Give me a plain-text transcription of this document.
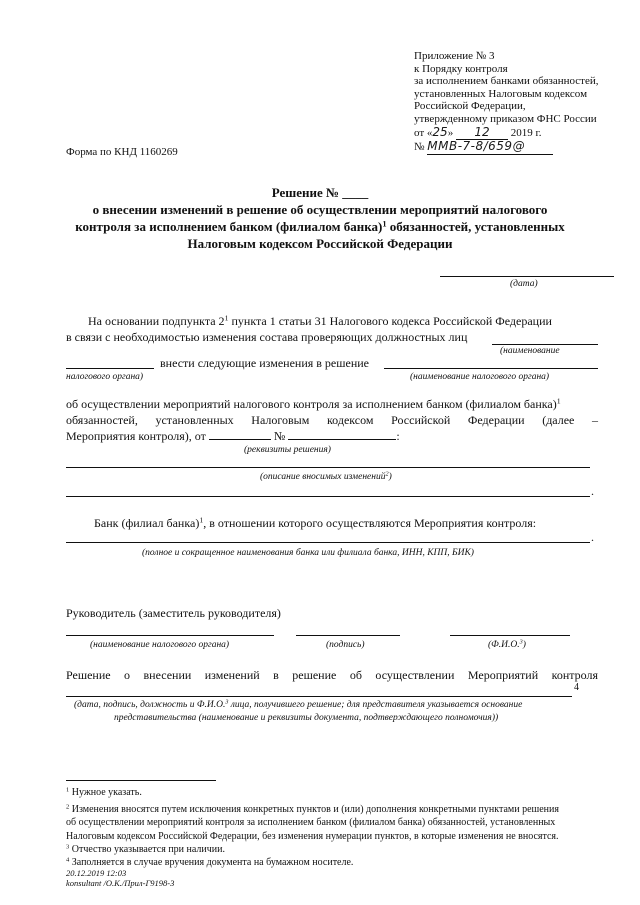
Приложение № 3
к Порядку контроля
за исполнением банками обязанностей,
установленных Налоговым кодексом
Российской Федерации,
утвержденному приказом ФНС России
от «25» 12 2019 г.
№ ММВ-7-8/659@
Форма по КНД 1160269
Решение № ____
о внесении изменений в решение об осуществлении мероприятий налогового
контроля за исполнением банком (филиалом банка)$^1$ обязанностей, установленных
Налоговым кодексом Российской Федерации
(дата)
На основании подпункта $2^1$ пункта 1 статьи 31 Налогового кодекса Российской Федерации
в связи с необходимостью изменения состава проверяющих должностных лиц
(наименование
внести следующие изменения в решение
налогового органа)	(наименование налогового органа)
об осуществлении мероприятий налогового контроля за исполнением банком (филиалом банка)$^1$
обязанностей, установленных Налоговым кодексом Российской Федерации (далее –
Мероприятия контроля), от	№	:
(реквизиты решения)
(описание вносимых изменений$^2$)
.
Банк (филиал банка)$^1$, в отношении которого осуществляются Мероприятия контроля:
.
(полное и сокращенное наименования банка или филиала банка, ИНН, КПП, БИК)
Руководитель (заместитель руководителя)
(наименование налогового органа)	(подпись)	(Ф.И.О.$^3$)
Решение о внесении изменений в решение об осуществлении Мероприятий контроля
4
(дата, подпись, должность и Ф.И.О.$^3$ лица, получившего решение; для представителя указывается основание
представительства (наименование и реквизиты документа, подтверждающего полномочия))
$^1$ Нужное указать.
$^2$ Изменения вносятся путем исключения конкретных пунктов и (или) дополнения конкретными пунктами решения
об осуществлении мероприятий контроля за исполнением банком (филиалом банка) обязанностей, установленных
Налоговым кодексом Российской Федерации, без изменения нумерации пунктов, в которые изменения не вносятся.
$^3$ Отчество указывается при наличии.
$^4$ Заполняется в случае вручения документа на бумажном носителе.
20.12.2019 12:03
konsultant /О.К./Прил-Г9198-3
